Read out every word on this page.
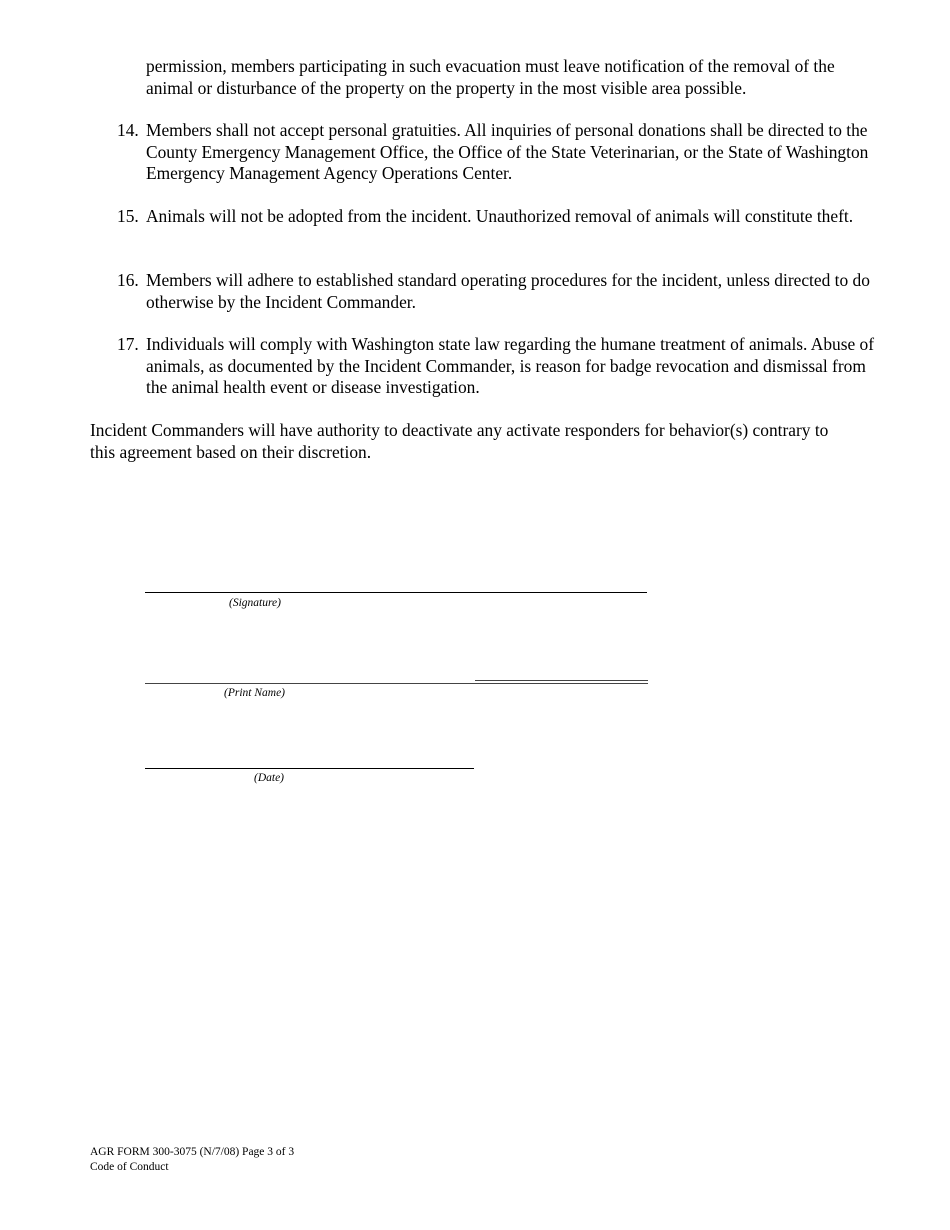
permission, members participating in such evacuation must leave notification of the removal of the animal or disturbance of the property on the property in the most visible area possible.
14. Members shall not accept personal gratuities. All inquiries of personal donations shall be directed to the County Emergency Management Office, the Office of the State Veterinarian, or the State of Washington Emergency Management Agency Operations Center.
15. Animals will not be adopted from the incident. Unauthorized removal of animals will constitute theft.
16. Members will adhere to established standard operating procedures for the incident, unless directed to do otherwise by the Incident Commander.
17. Individuals will comply with Washington state law regarding the humane treatment of animals. Abuse of animals, as documented by the Incident Commander, is reason for badge revocation and dismissal from the animal health event or disease investigation.
Incident Commanders will have authority to deactivate any activate responders for behavior(s) contrary to this agreement based on their discretion.
(Signature)
(Print Name)
(Date)
AGR FORM 300-3075 (N/7/08) Page 3 of 3
Code of Conduct
